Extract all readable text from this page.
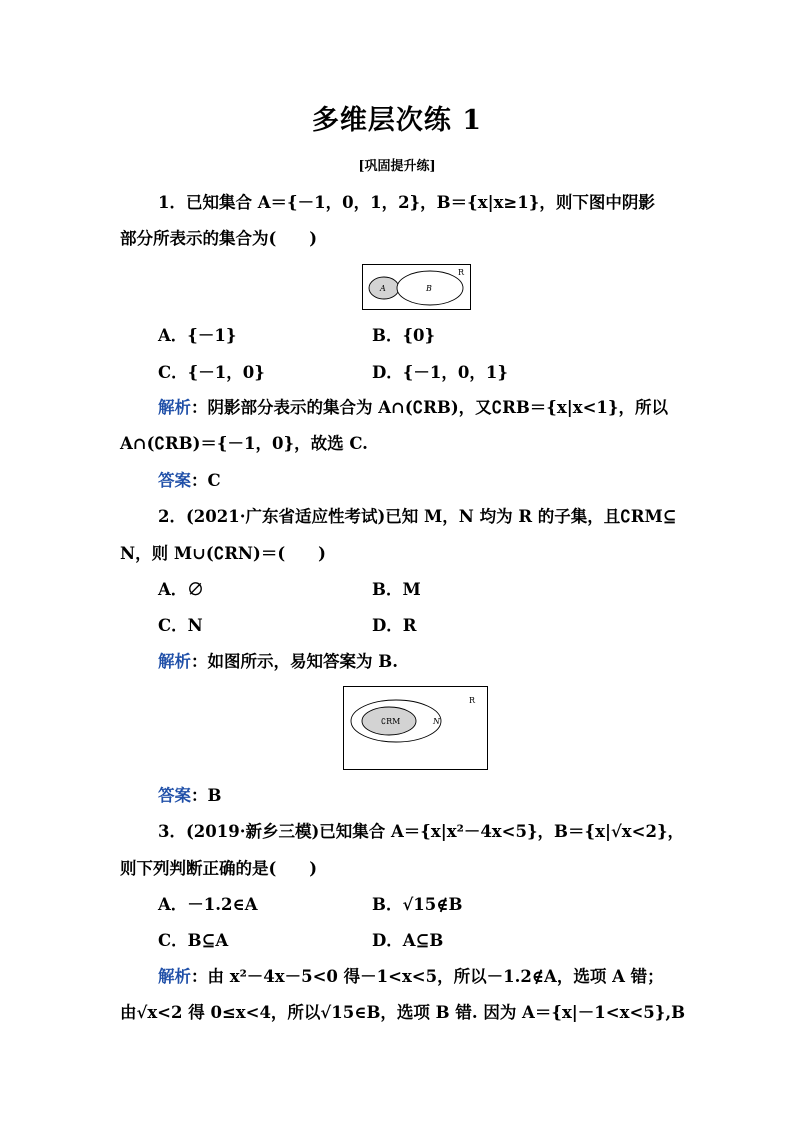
多维层次练 1
[巩固提升练]
1．已知集合 A＝{－1，0，1，2}，B＝{x|x≥1}，则下图中阴影
部分所表示的集合为(　　)
A	B
R
A．{－1}	B．{0}
C．{－1，0}	D．{－1，0，1}
解析：阴影部分表示的集合为 A∩(∁RB)，又∁RB＝{x|x<1}，所以
A∩(∁RB)＝{－1，0}，故选 C.
答案：C
2．(2021·广东省适应性考试)已知 M，N 均为 R 的子集，且∁RM⊆
N，则 M∪(∁RN)＝(　　)
A．∅	B．M
C．N	D．R
解析：如图所示，易知答案为 B.
∁RM	N
R
答案：B
3．(2019·新乡三模)已知集合 A＝{x|x²－4x<5}，B＝{x|√x<2}，
则下列判断正确的是(　　)
A．－1.2∈A	B．√15∉B
C．B⊆A	D．A⊆B
解析：由 x²－4x－5<0 得－1<x<5，所以－1.2∉A，选项 A 错；
由√x<2 得 0≤x<4，所以√15∈B，选项 B 错. 因为 A＝{x|－1<x<5},B
